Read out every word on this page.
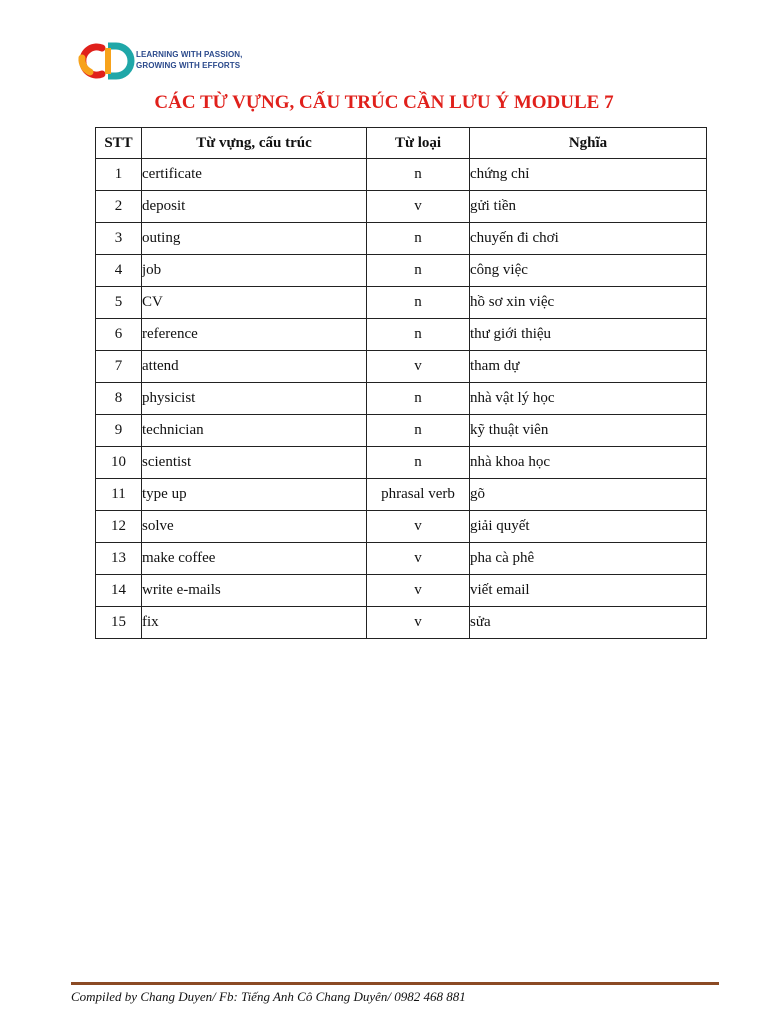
LEARNING WITH PASSION,
GROWING WITH EFFORTS
CÁC TỪ VỰNG, CẤU TRÚC CẦN LƯU Ý MODULE 7
STT	Từ vựng, cấu trúc	Từ loại	Nghĩa
1	certificate	n	chứng chỉ
2	deposit	v	gửi tiền
3	outing	n	chuyến đi chơi
4	job	n	công việc
5	CV	n	hồ sơ xin việc
6	reference	n	thư giới thiệu
7	attend	v	tham dự
8	physicist	n	nhà vật lý học
9	technician	n	kỹ thuật viên
10	scientist	n	nhà khoa học
11	type up	phrasal verb	gõ
12	solve	v	giải quyết
13	make coffee	v	pha cà phê
14	write e-mails	v	viết email
15	fix	v	sửa
Compiled by Chang Duyen/ Fb: Tiếng Anh Cô Chang Duyên/ 0982 468 881
